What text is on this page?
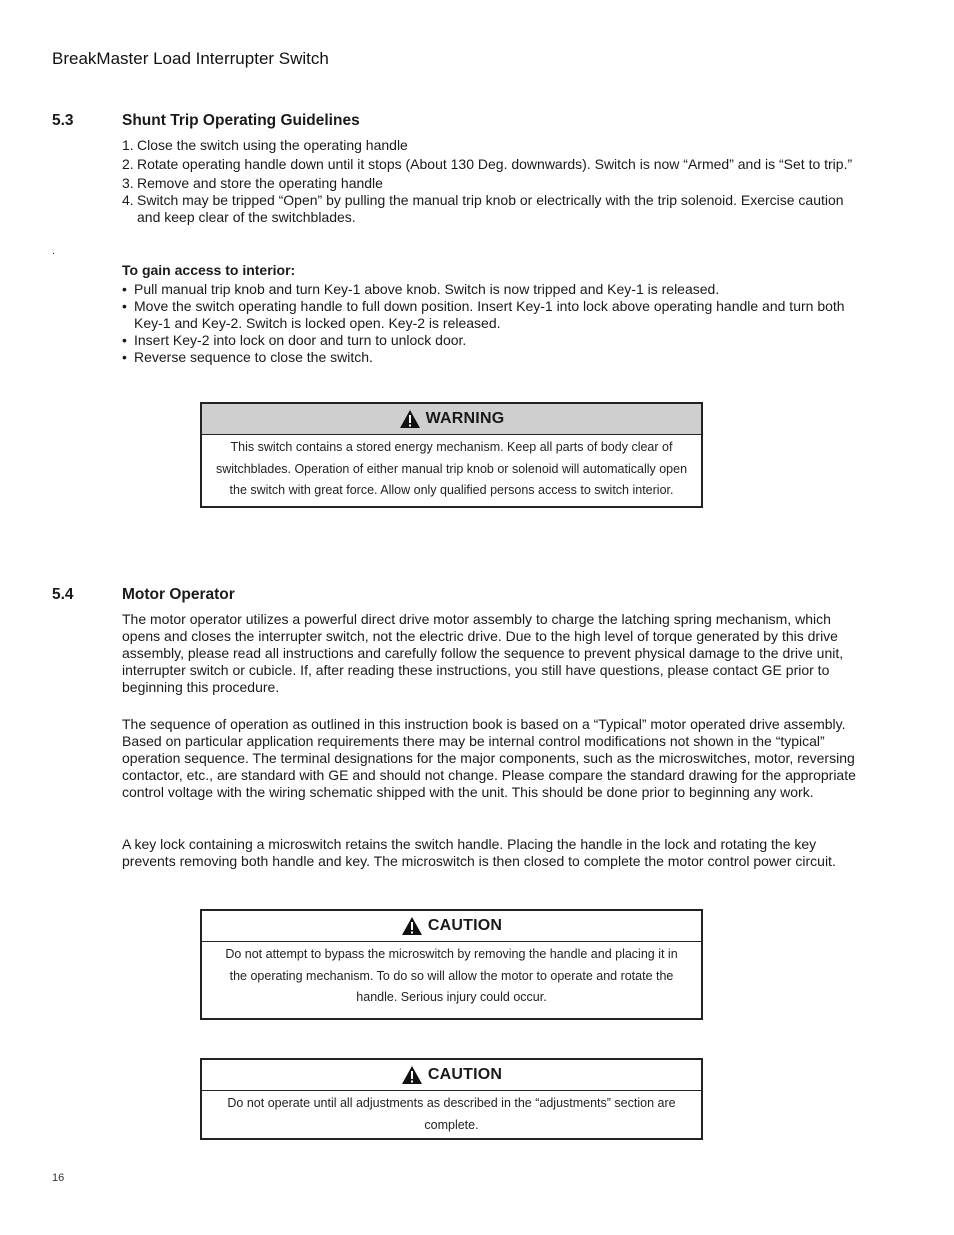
BreakMaster Load Interrupter Switch
5.3	Shunt Trip Operating Guidelines
1. Close the switch using the operating handle
2. Rotate operating handle down until it stops (About 130 Deg. downwards). Switch is now “Armed” and is “Set to trip.”
3. Remove and store the operating handle
4. Switch may be tripped “Open” by pulling the manual trip knob or electrically with the trip solenoid. Exercise caution and keep clear of the switchblades.
.
To gain access to interior:
• Pull manual trip knob and turn Key-1 above knob. Switch is now tripped and Key-1 is released.
• Move the switch operating handle to full down position. Insert Key-1 into lock above operating handle and turn both Key-1 and Key-2. Switch is locked open. Key-2 is released.
• Insert Key-2 into lock on door and turn to unlock door.
• Reverse sequence to close the switch.
WARNING
This switch contains a stored energy mechanism. Keep all parts of body clear of switchblades. Operation of either manual trip knob or solenoid will automatically open the switch with great force. Allow only qualified persons access to switch interior.
5.4	Motor Operator
The motor operator utilizes a powerful direct drive motor assembly to charge the latching spring mechanism, which opens and closes the interrupter switch, not the electric drive. Due to the high level of torque generated by this drive assembly, please read all instructions and carefully follow the sequence to prevent physical damage to the drive unit, interrupter switch or cubicle. If, after reading these instructions, you still have questions, please contact GE prior to beginning this procedure.
The sequence of operation as outlined in this instruction book is based on a “Typical” motor operated drive assembly. Based on particular application requirements there may be internal control modifications not shown in the “typical” operation sequence. The terminal designations for the major components, such as the microswitches, motor, reversing contactor, etc., are standard with GE and should not change. Please compare the standard drawing for the appropriate control voltage with the wiring schematic shipped with the unit. This should be done prior to beginning any work.
A key lock containing a microswitch retains the switch handle. Placing the handle in the lock and rotating the key prevents removing both handle and key. The microswitch is then closed to complete the motor control power circuit.
CAUTION
Do not attempt to bypass the microswitch by removing the handle and placing it in the operating mechanism. To do so will allow the motor to operate and rotate the handle. Serious injury could occur.
CAUTION
Do not operate until all adjustments as described in the “adjustments” section are complete.
16
